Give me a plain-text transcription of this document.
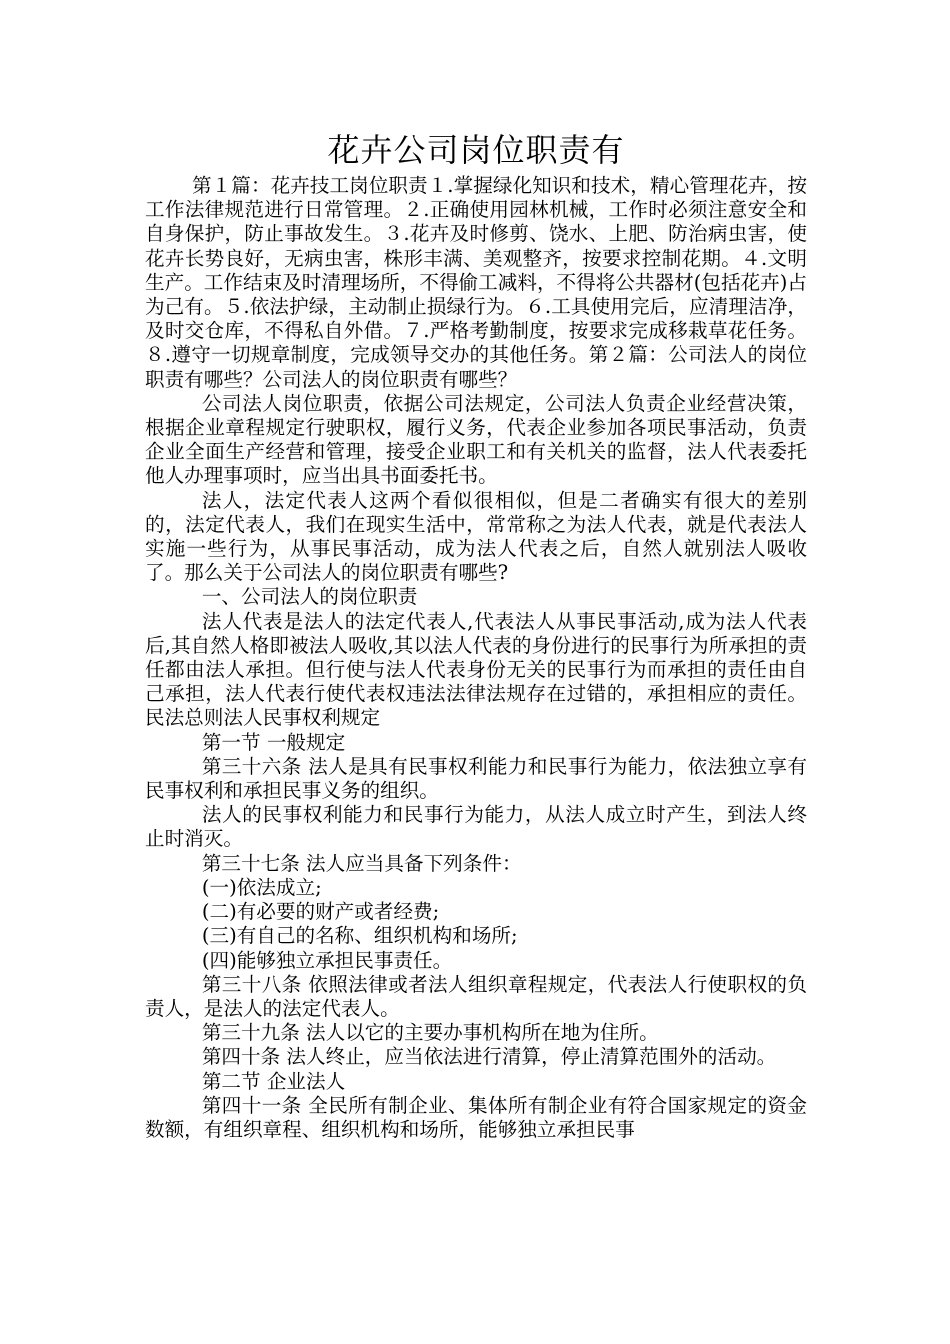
花卉公司岗位职责有

第１篇：花卉技工岗位职责１.掌握绿化知识和技术，精心管理花卉，按工作法律规范进行日常管理。２.正确使用园林机械，工作时必须注意安全和自身保护，防止事故发生。３.花卉及时修剪、饶水、上肥、防治病虫害，使花卉长势良好，无病虫害，株形丰满、美观整齐，按要求控制花期。４.文明生产。工作结束及时清理场所，不得偷工减料，不得将公共器材(包括花卉)占为己有。５.依法护绿，主动制止损绿行为。６.工具使用完后，应清理洁净，及时交仓库，不得私自外借。７.严格考勤制度，按要求完成移栽草花任务。８.遵守一切规章制度，完成领导交办的其他任务。第２篇：公司法人的岗位职责有哪些？公司法人的岗位职责有哪些？

公司法人岗位职责，依据公司法规定，公司法人负责企业经营决策，根据企业章程规定行驶职权，履行义务，代表企业参加各项民事活动，负责企业全面生产经营和管理，接受企业职工和有关机关的监督，法人代表委托他人办理事项时，应当出具书面委托书。

法人，法定代表人这两个看似很相似，但是二者确实有很大的差别的，法定代表人，我们在现实生活中，常常称之为法人代表，就是代表法人实施一些行为，从事民事活动，成为法人代表之后，自然人就别法人吸收了。那么关于公司法人的岗位职责有哪些?

一、公司法人的岗位职责

法人代表是法人的法定代表人,代表法人从事民事活动,成为法人代表后,其自然人格即被法人吸收,其以法人代表的身份进行的民事行为所承担的责任都由法人承担。但行使与法人代表身份无关的民事行为而承担的责任由自己承担，法人代表行使代表权违法法律法规存在过错的，承担相应的责任。民法总则法人民事权利规定

第一节 一般规定

第三十六条 法人是具有民事权利能力和民事行为能力，依法独立享有民事权利和承担民事义务的组织。

法人的民事权利能力和民事行为能力，从法人成立时产生，到法人终止时消灭。

第三十七条 法人应当具备下列条件：

(一)依法成立;

(二)有必要的财产或者经费;

(三)有自己的名称、组织机构和场所;

(四)能够独立承担民事责任。

第三十八条 依照法律或者法人组织章程规定，代表法人行使职权的负责人，是法人的法定代表人。

第三十九条 法人以它的主要办事机构所在地为住所。

第四十条 法人终止，应当依法进行清算，停止清算范围外的活动。

第二节 企业法人

第四十一条 全民所有制企业、集体所有制企业有符合国家规定的资金数额，有组织章程、组织机构和场所，能够独立承担民事
